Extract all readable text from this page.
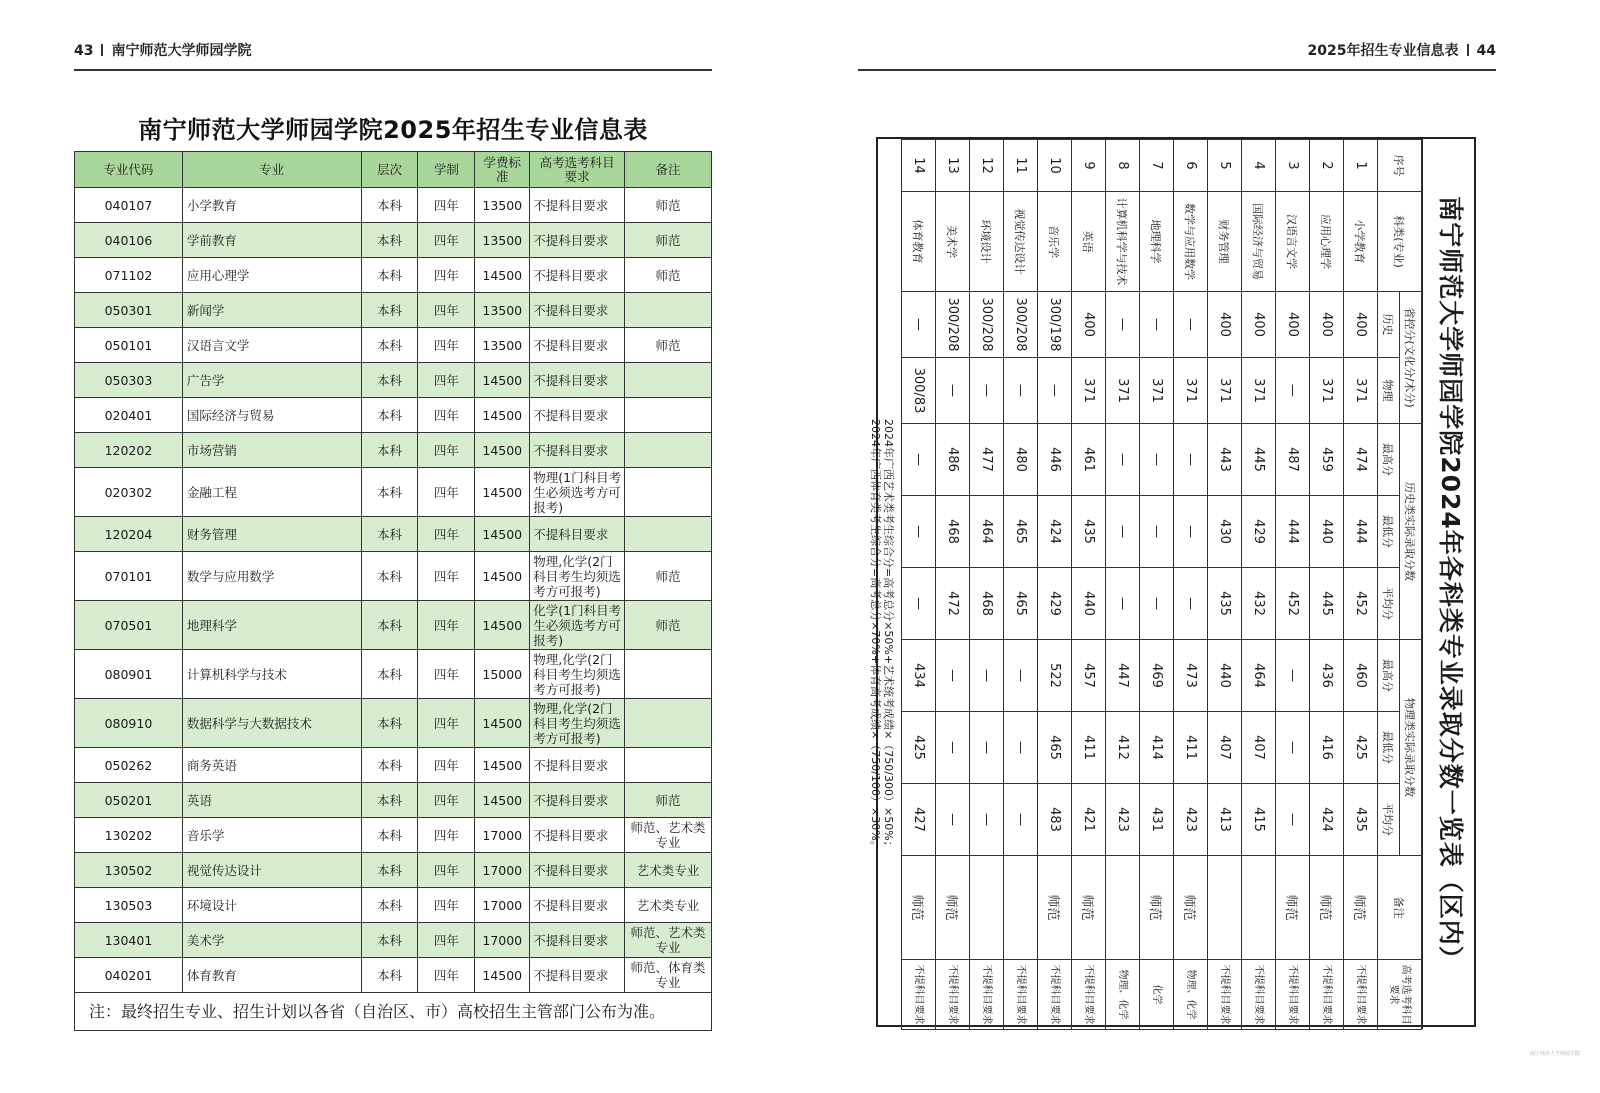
43 南宁师范大学师园学院
南宁师范大学师园学院2025年招生专业信息表
专业代码	专业	层次	学制	学费标准	高考选考科目要求	备注
040107	小学教育	本科	四年	13500	不提科目要求	师范
040106	学前教育	本科	四年	13500	不提科目要求	师范
071102	应用心理学	本科	四年	14500	不提科目要求	师范
050301	新闻学	本科	四年	13500	不提科目要求	
050101	汉语言文学	本科	四年	13500	不提科目要求	师范
050303	广告学	本科	四年	14500	不提科目要求	
020401	国际经济与贸易	本科	四年	14500	不提科目要求	
120202	市场营销	本科	四年	14500	不提科目要求	
020302	金融工程	本科	四年	14500	物理(1门科目考生必须选考方可报考)	
120204	财务管理	本科	四年	14500	不提科目要求	
070101	数学与应用数学	本科	四年	14500	物理,化学(2门科目考生均须选考方可报考)	师范
070501	地理科学	本科	四年	14500	化学(1门科目考生必须选考方可报考)	师范
080901	计算机科学与技术	本科	四年	15000	物理,化学(2门科目考生均须选考方可报考)	
080910	数据科学与大数据技术	本科	四年	14500	物理,化学(2门科目考生均须选考方可报考)	
050262	商务英语	本科	四年	14500	不提科目要求	
050201	英语	本科	四年	14500	不提科目要求	师范
130202	音乐学	本科	四年	17000	不提科目要求	师范、艺术类专业
130502	视觉传达设计	本科	四年	17000	不提科目要求	艺术类专业
130503	环境设计	本科	四年	17000	不提科目要求	艺术类专业
130401	美术学	本科	四年	17000	不提科目要求	师范、艺术类专业
040201	体育教育	本科	四年	14500	不提科目要求	师范、体育类专业
注：最终招生专业、招生计划以各省（自治区、市）高校招生主管部门公布为准。						
2025年招生专业信息表 44
南宁师范大学师园学院2024年各科类专业录取分数一览表（区内）
序号	科类(专业)	省控分(文化分/术分)		历史类实际录取分数			物理类实际录取分数			备注	高考选考科目要求
		历史	物理	最高分	最低分	平均分	最高分	最低分	平均分		
1	小学教育	400	371	474	444	452	460	425	435	师范	不提科目要求
2	应用心理学	400	371	459	440	445	436	416	424	师范	不提科目要求
3	汉语言文学	400	—	487	444	452	—	—	—	师范	不提科目要求
4	国际经济与贸易	400	371	445	429	432	464	407	415		不提科目要求
5	财务管理	400	371	443	430	435	440	407	413		不提科目要求
6	数学与应用数学	—	371	—	—	—	473	411	423	师范	物理、化学
7	地理科学	—	371	—	—	—	469	414	431	师范	化学
8	计算机科学与技术	—	371	—	—	—	447	412	423		物理、化学
9	英语	400	371	461	435	440	457	411	421	师范	不提科目要求
10	音乐学	300/198	—	446	424	429	522	465	483	师范	不提科目要求
11	视觉传达设计	300/208	—	480	465	465	—	—	—		不提科目要求
12	环境设计	300/208	—	477	464	468	—	—	—		不提科目要求
13	美术学	300/208	—	486	468	472	—	—	—	师范	不提科目要求
14	体育教育	—	300/83	—	—	—	434	425	427	师范	不提科目要求
2024年广西艺术类考生综合分=高考总分×50%+艺术统考成绩×（750/300）×50%；
2024年广西体育类考生综合分=高考总分×70%+体育高考成绩×（750/100）×30%。
南宁师范大学师园学院
